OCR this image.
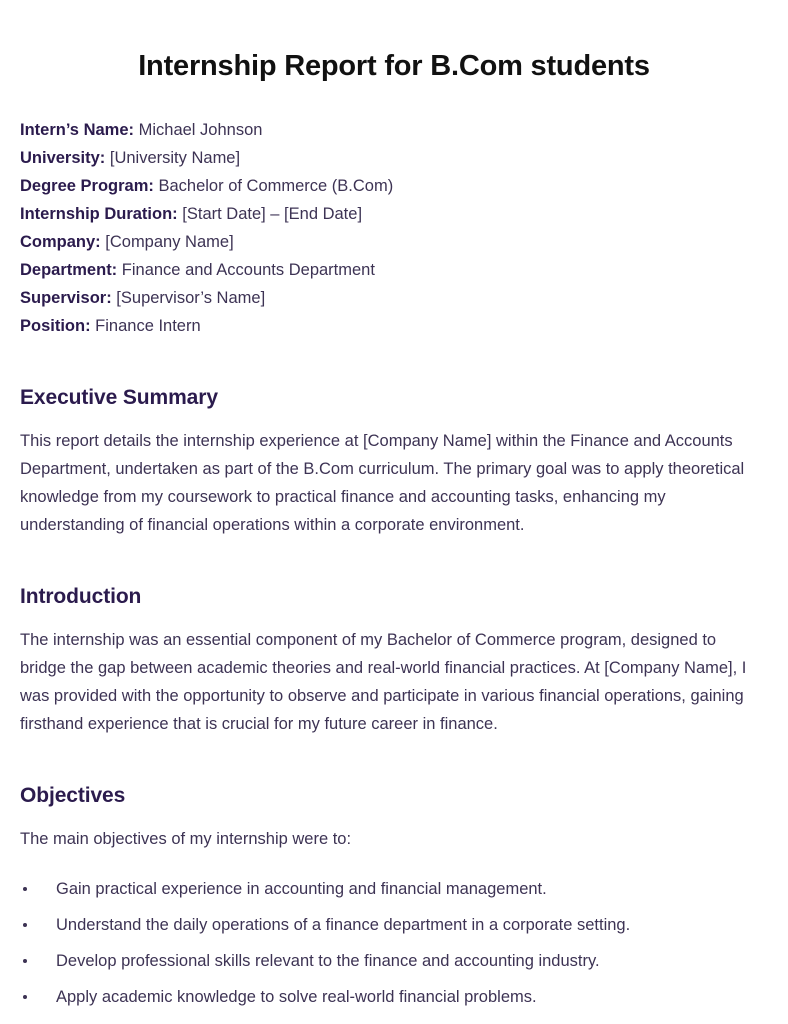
Internship Report for B.Com students
Intern’s Name: Michael Johnson
University: [University Name]
Degree Program: Bachelor of Commerce (B.Com)
Internship Duration: [Start Date] – [End Date]
Company: [Company Name]
Department: Finance and Accounts Department
Supervisor: [Supervisor’s Name]
Position: Finance Intern
Executive Summary

This report details the internship experience at [Company Name] within the Finance and Accounts Department, undertaken as part of the B.Com curriculum. The primary goal was to apply theoretical knowledge from my coursework to practical finance and accounting tasks, enhancing my understanding of financial operations within a corporate environment.

Introduction

The internship was an essential component of my Bachelor of Commerce program, designed to bridge the gap between academic theories and real-world financial practices. At [Company Name], I was provided with the opportunity to observe and participate in various financial operations, gaining firsthand experience that is crucial for my future career in finance.

Objectives

The main objectives of my internship were to:

Gain practical experience in accounting and financial management.
Understand the daily operations of a finance department in a corporate setting.
Develop professional skills relevant to the finance and accounting industry.
Apply academic knowledge to solve real-world financial problems.
